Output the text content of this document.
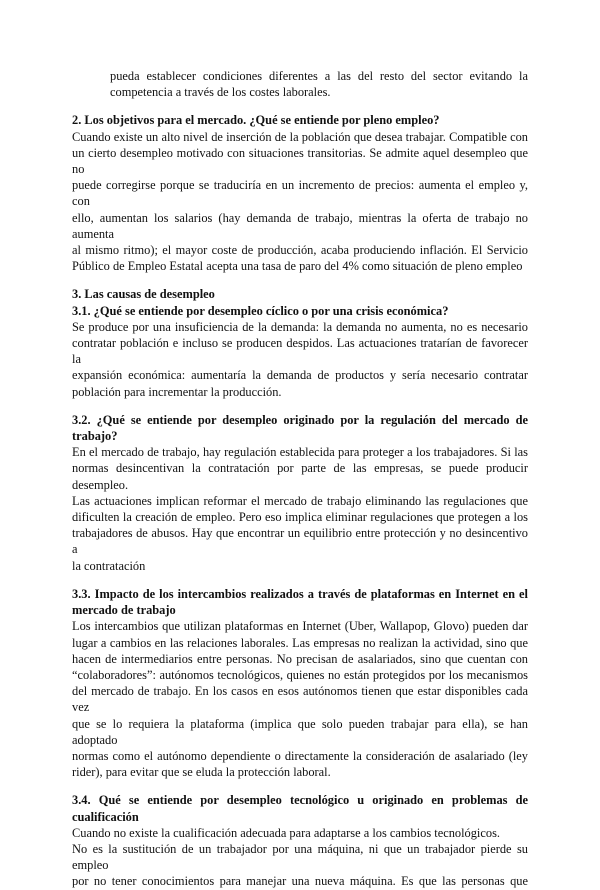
pueda establecer condiciones diferentes a las del resto del sector evitando la
competencia a través de los costes laborales.
2. Los objetivos para el mercado. ¿Qué se entiende por pleno empleo?
Cuando existe un alto nivel de inserción de la población que desea trabajar. Compatible con
un cierto desempleo motivado con situaciones transitorias. Se admite aquel desempleo que no
puede corregirse porque se traduciría en un incremento de precios: aumenta el empleo y, con
ello, aumentan los salarios (hay demanda de trabajo, mientras la oferta de trabajo no aumenta
al mismo ritmo); el mayor coste de producción, acaba produciendo inflación. El Servicio
Público de Empleo Estatal acepta una tasa de paro del 4% como situación de pleno empleo
3. Las causas de desempleo
3.1. ¿Qué se entiende por desempleo cíclico o por una crisis económica?
Se produce por una insuficiencia de la demanda: la demanda no aumenta, no es necesario
contratar población e incluso se producen despidos. Las actuaciones tratarían de favorecer la
expansión económica: aumentaría la demanda de productos y sería necesario contratar
población para incrementar la producción.
3.2. ¿Qué se entiende por desempleo originado por la regulación del mercado de
trabajo?
En el mercado de trabajo, hay regulación establecida para proteger a los trabajadores. Si las
normas desincentivan la contratación por parte de las empresas, se puede producir desempleo.
Las actuaciones implican reformar el mercado de trabajo eliminando las regulaciones que
dificulten la creación de empleo. Pero eso implica eliminar regulaciones que protegen a los
trabajadores de abusos. Hay que encontrar un equilibrio entre protección y no desincentivo a
la contratación
3.3. Impacto de los intercambios realizados a través de plataformas en Internet en el
mercado de trabajo
Los intercambios que utilizan plataformas en Internet (Uber, Wallapop, Glovo) pueden dar
lugar a cambios en las relaciones laborales. Las empresas no realizan la actividad, sino que
hacen de intermediarios entre personas. No precisan de asalariados, sino que cuentan con
“colaboradores”: autónomos tecnológicos, quienes no están protegidos por los mecanismos
del mercado de trabajo. En los casos en esos autónomos tienen que estar disponibles cada vez
que se lo requiera la plataforma (implica que solo pueden trabajar para ella), se han adoptado
normas como el autónomo dependiente o directamente la consideración de asalariado (ley
rider), para evitar que se eluda la protección laboral.
3.4. Qué se entiende por desempleo tecnológico u originado en problemas de
cualificación
Cuando no existe la cualificación adecuada para adaptarse a los cambios tecnológicos.
No es la sustitución de un trabajador por una máquina, ni que un trabajador pierde su empleo
por no tener conocimientos para manejar una nueva máquina. Es que las personas que
